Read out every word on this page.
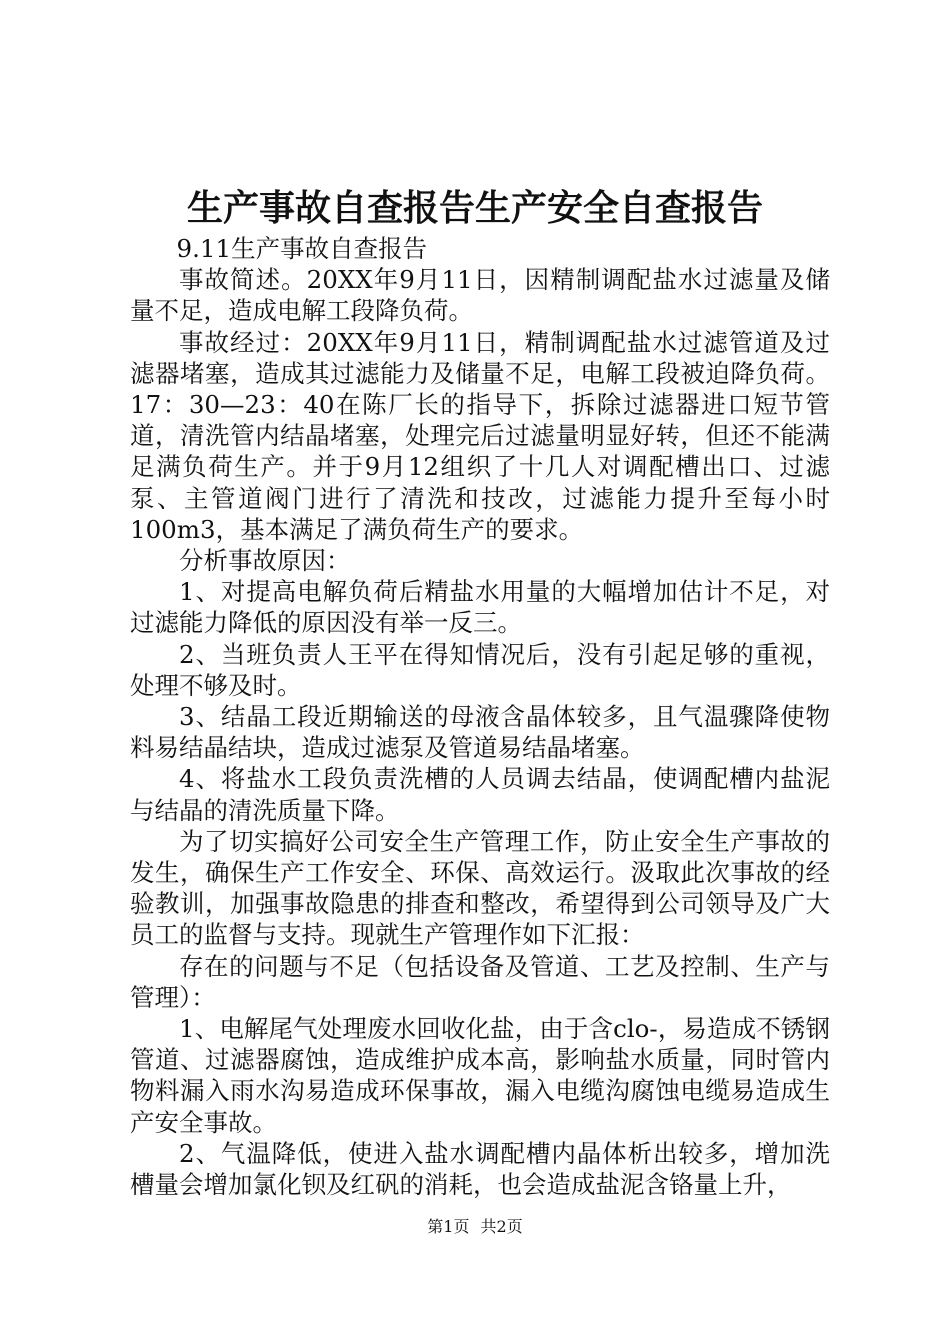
生产事故自查报告生产安全自查报告

9.11生产事故自查报告

事故简述。20XX年9月11日，因精制调配盐水过滤量及储量不足，造成电解工段降负荷。

事故经过：20XX年9月11日，精制调配盐水过滤管道及过滤器堵塞，造成其过滤能力及储量不足，电解工段被迫降负荷。17：30—23：40在陈厂长的指导下，拆除过滤器进口短节管道，清洗管内结晶堵塞，处理完后过滤量明显好转，但还不能满足满负荷生产。并于9月12组织了十几人对调配槽出口、过滤泵、主管道阀门进行了清洗和技改，过滤能力提升至每小时100m3，基本满足了满负荷生产的要求。

分析事故原因：

1、对提高电解负荷后精盐水用量的大幅增加估计不足，对过滤能力降低的原因没有举一反三。

2、当班负责人王平在得知情况后，没有引起足够的重视，处理不够及时。

3、结晶工段近期输送的母液含晶体较多，且气温骤降使物料易结晶结块，造成过滤泵及管道易结晶堵塞。

4、将盐水工段负责洗槽的人员调去结晶，使调配槽内盐泥与结晶的清洗质量下降。

为了切实搞好公司安全生产管理工作，防止安全生产事故的发生，确保生产工作安全、环保、高效运行。汲取此次事故的经验教训，加强事故隐患的排查和整改，希望得到公司领导及广大员工的监督与支持。现就生产管理作如下汇报：

存在的问题与不足（包括设备及管道、工艺及控制、生产与管理）：

1、电解尾气处理废水回收化盐，由于含clo-，易造成不锈钢管道、过滤器腐蚀，造成维护成本高，影响盐水质量，同时管内物料漏入雨水沟易造成环保事故，漏入电缆沟腐蚀电缆易造成生产安全事故。

2、气温降低，使进入盐水调配槽内晶体析出较多，增加洗槽量会增加氯化钡及红矾的消耗，也会造成盐泥含铬量上升，

第1页 共2页
